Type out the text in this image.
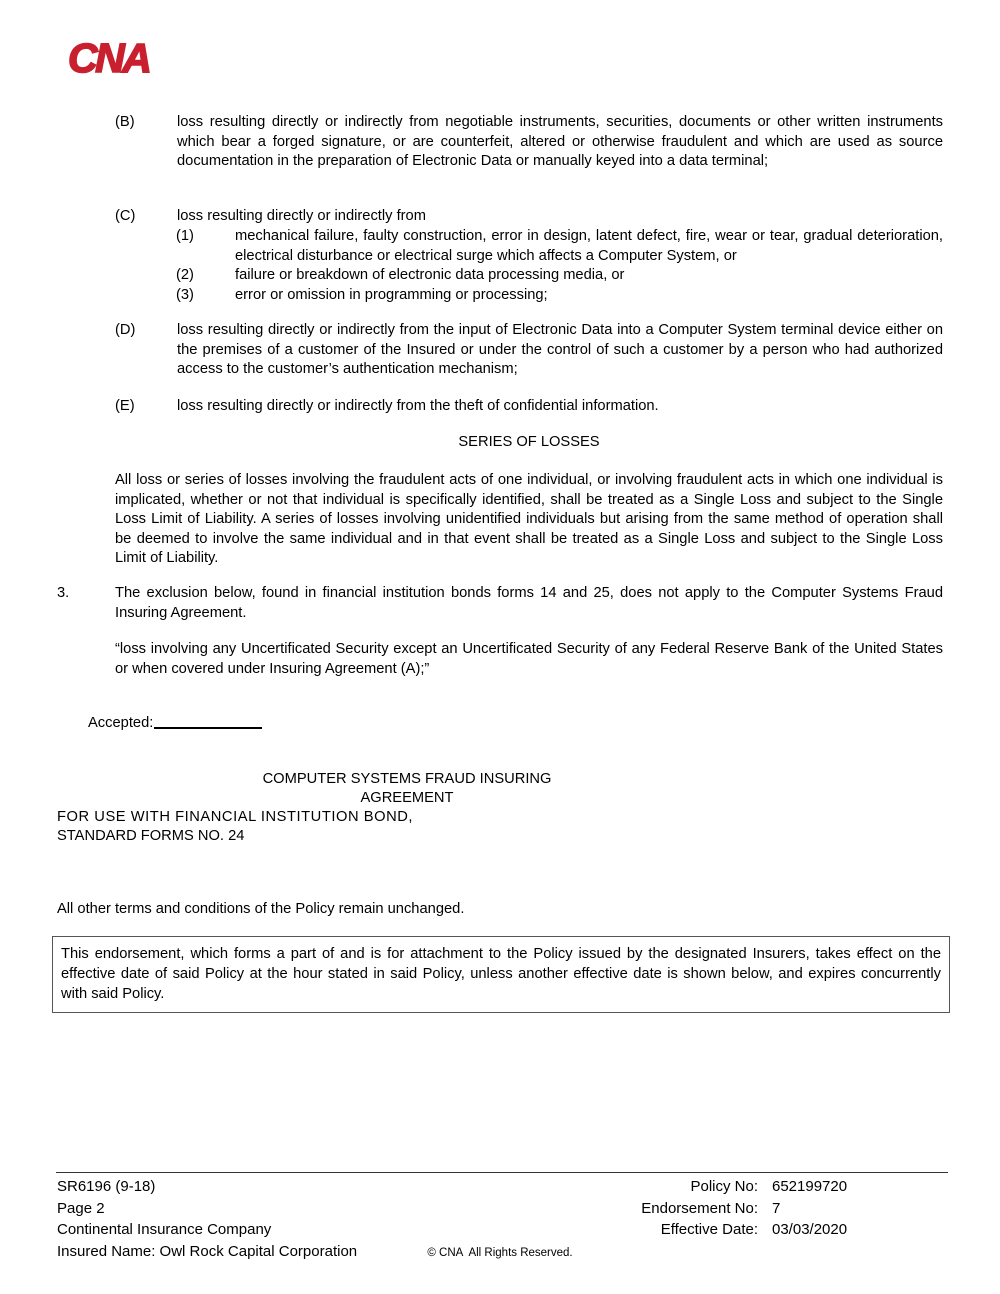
CNA
(B)	loss resulting directly or indirectly from negotiable instruments, securities, documents or other written instruments which bear a forged signature, or are counterfeit, altered or otherwise fraudulent and which are used as source documentation in the preparation of Electronic Data or manually keyed into a data terminal;
(C)	loss resulting directly or indirectly from
(1)	mechanical failure, faulty construction, error in design, latent defect, fire, wear or tear, gradual deterioration, electrical disturbance or electrical surge which affects a Computer System, or
(2)	failure or breakdown of electronic data processing media, or
(3)	error or omission in programming or processing;
(D)	loss resulting directly or indirectly from the input of Electronic Data into a Computer System terminal device either on the premises of a customer of the Insured or under the control of such a customer by a person who had authorized access to the customer’s authentication mechanism;
(E)	loss resulting directly or indirectly from the theft of confidential information.
SERIES OF LOSSES
All loss or series of losses involving the fraudulent acts of one individual, or involving fraudulent acts in which one individual is implicated, whether or not that individual is specifically identified, shall be treated as a Single Loss and subject to the Single Loss Limit of Liability. A series of losses involving unidentified individuals but arising from the same method of operation shall be deemed to involve the same individual and in that event shall be treated as a Single Loss and subject to the Single Loss Limit of Liability.
3.	The exclusion below, found in financial institution bonds forms 14 and 25, does not apply to the Computer Systems Fraud Insuring Agreement.
“loss involving any Uncertificated Security except an Uncertificated Security of any Federal Reserve Bank of the United States or when covered under Insuring Agreement (A);”
Accepted:
COMPUTER SYSTEMS FRAUD INSURING
AGREEMENT
FOR USE WITH FINANCIAL INSTITUTION BOND,
STANDARD FORMS NO. 24
All other terms and conditions of the Policy remain unchanged.
This endorsement, which forms a part of and is for attachment to the Policy issued by the designated Insurers, takes effect on the effective date of said Policy at the hour stated in said Policy, unless another effective date is shown below, and expires concurrently with said Policy.
SR6196 (9-18)
Page 2
Continental Insurance Company
Insured Name: Owl Rock Capital Corporation
Policy No: 652199720
Endorsement No: 7
Effective Date: 03/03/2020
© CNA  All Rights Reserved.
